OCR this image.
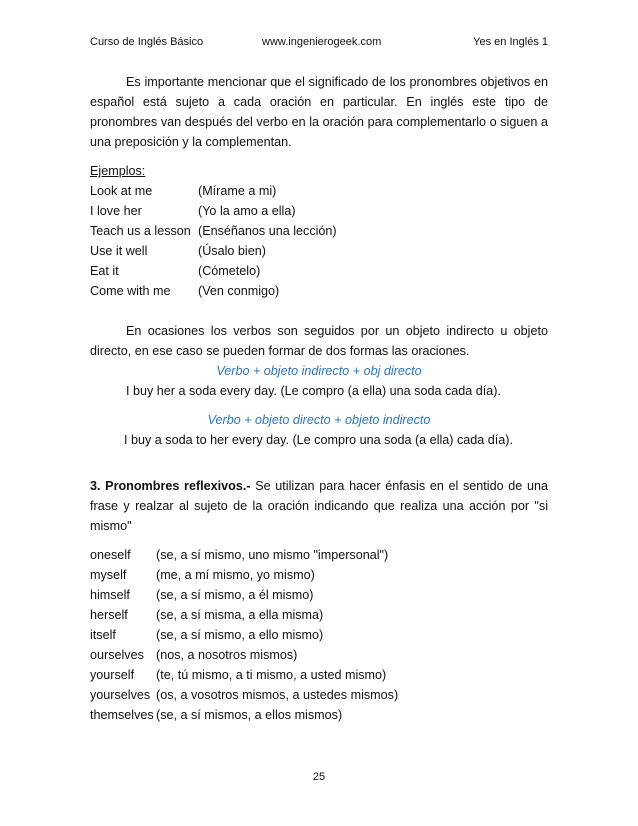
Curso de Inglés Básico	www.ingenierogeek.com	Yes en Inglés 1

Es importante mencionar que el significado de los pronombres objetivos en español está sujeto a cada oración en particular. En inglés este tipo de pronombres van después del verbo en la oración para complementarlo o siguen a una preposición y la complementan.

Ejemplos:
Look at me	(Mírame a mi)
I love her	(Yo la amo a ella)
Teach us a lesson (Enséñanos una lección)
Use it well	(Úsalo bien)
Eat it	(Cómetelo)
Come with me	(Ven conmigo)

En ocasiones los verbos son seguidos por un objeto indirecto u objeto directo, en ese caso se pueden formar de dos formas las oraciones.

Verbo + objeto indirecto + obj directo
I buy her a soda every day. (Le compro (a ella) una soda cada día).
Verbo + objeto directo + objeto indirecto
I buy a soda to her every day. (Le compro una soda (a ella) cada día).

3. Pronombres reflexivos.- Se utilizan para hacer énfasis en el sentido de una frase y realzar al sujeto de la oración indicando que realiza una acción por "si mismo"

oneself	(se, a sí mismo, uno mismo "impersonal")
myself	(me, a mí mismo, yo mismo)
himself	(se, a sí mismo, a él mismo)
herself	(se, a sí misma, a ella misma)
itself	(se, a sí mismo, a ello mismo)
ourselves (nos, a nosotros mismos)
yourself	(te, tú mismo, a ti mismo, a usted mismo)
yourselves (os, a vosotros mismos, a ustedes mismos)
themselves (se, a sí mismos, a ellos mismos)
25
